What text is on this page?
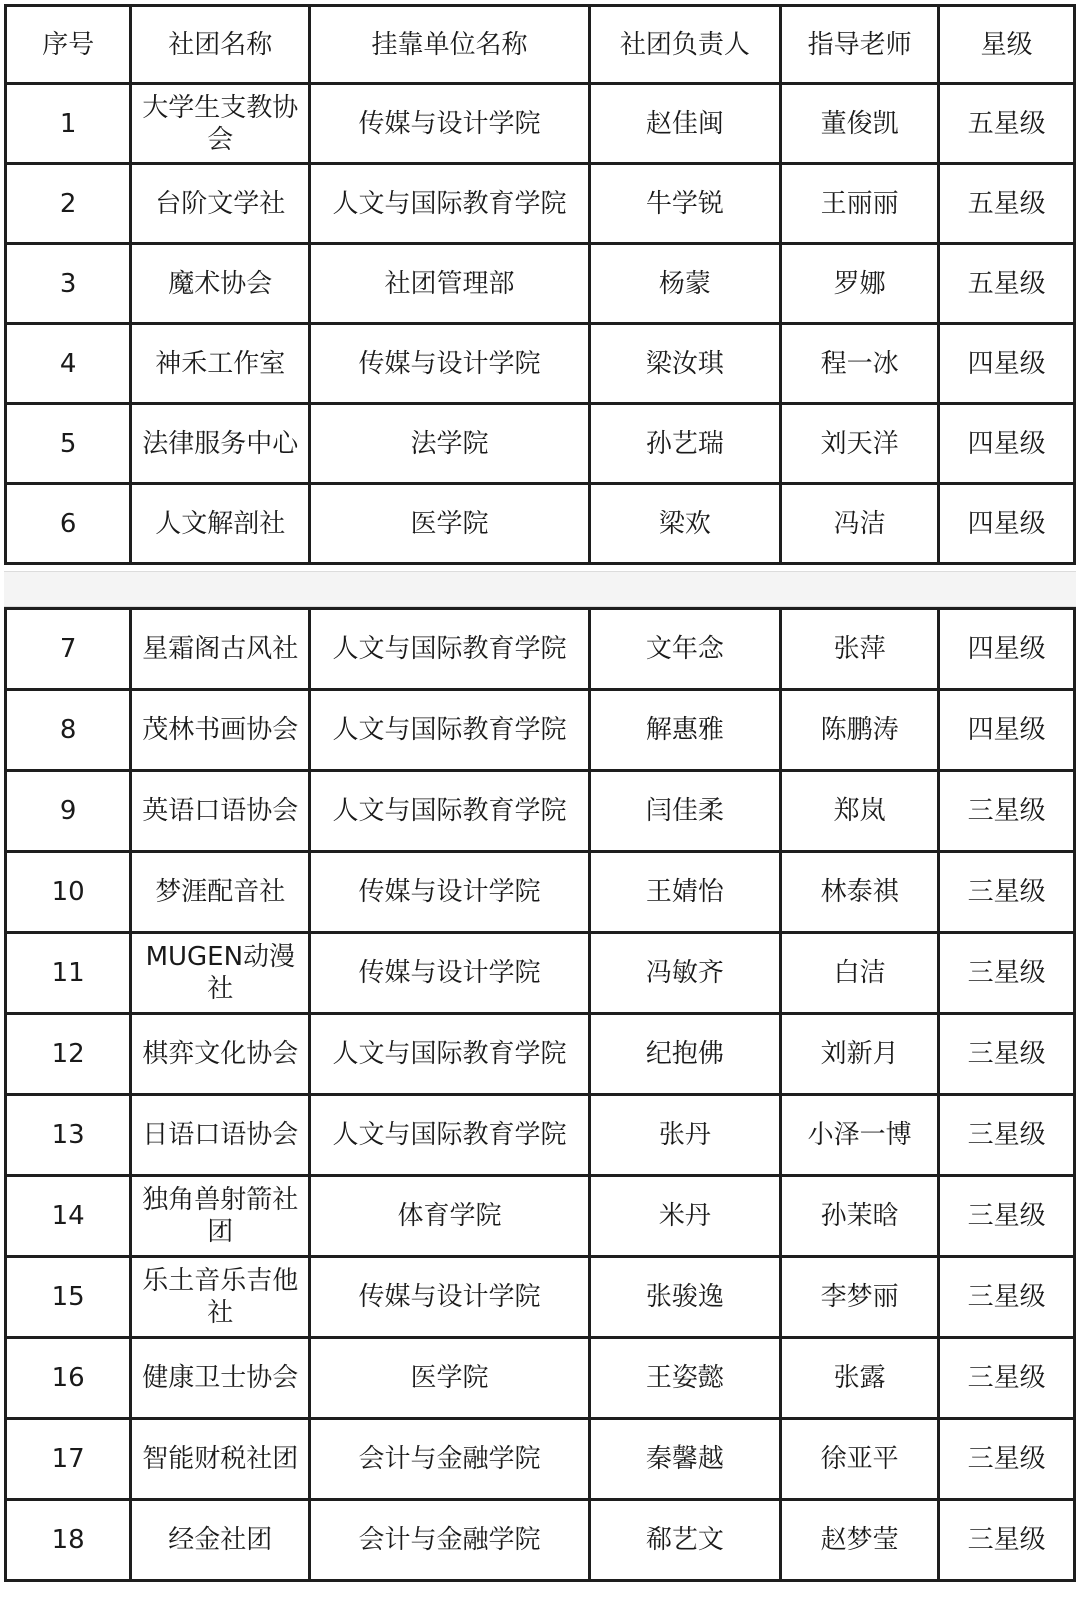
序号	社团名称	挂靠单位名称	社团负责人	指导老师	星级
1	大学生支教协会	传媒与设计学院	赵佳闽	董俊凯	五星级
2	台阶文学社	人文与国际教育学院	牛学锐	王丽丽	五星级
3	魔术协会	社团管理部	杨蒙	罗娜	五星级
4	神禾工作室	传媒与设计学院	梁汝琪	程一冰	四星级
5	法律服务中心	法学院	孙艺瑞	刘天洋	四星级
6	人文解剖社	医学院	梁欢	冯洁	四星级
7	星霜阁古风社	人文与国际教育学院	文年念	张萍	四星级
8	茂林书画协会	人文与国际教育学院	解惠雅	陈鹏涛	四星级
9	英语口语协会	人文与国际教育学院	闫佳柔	郑岚	三星级
10	梦涯配音社	传媒与设计学院	王婧怡	林泰祺	三星级
11	MUGEN动漫社	传媒与设计学院	冯敏齐	白洁	三星级
12	棋弈文化协会	人文与国际教育学院	纪抱佛	刘新月	三星级
13	日语口语协会	人文与国际教育学院	张丹	小泽一博	三星级
14	独角兽射箭社团	体育学院	米丹	孙茉晗	三星级
15	乐土音乐吉他社	传媒与设计学院	张骏逸	李梦丽	三星级
16	健康卫士协会	医学院	王姿懿	张露	三星级
17	智能财税社团	会计与金融学院	秦馨越	徐亚平	三星级
18	经金社团	会计与金融学院	郗艺文	赵梦莹	三星级
